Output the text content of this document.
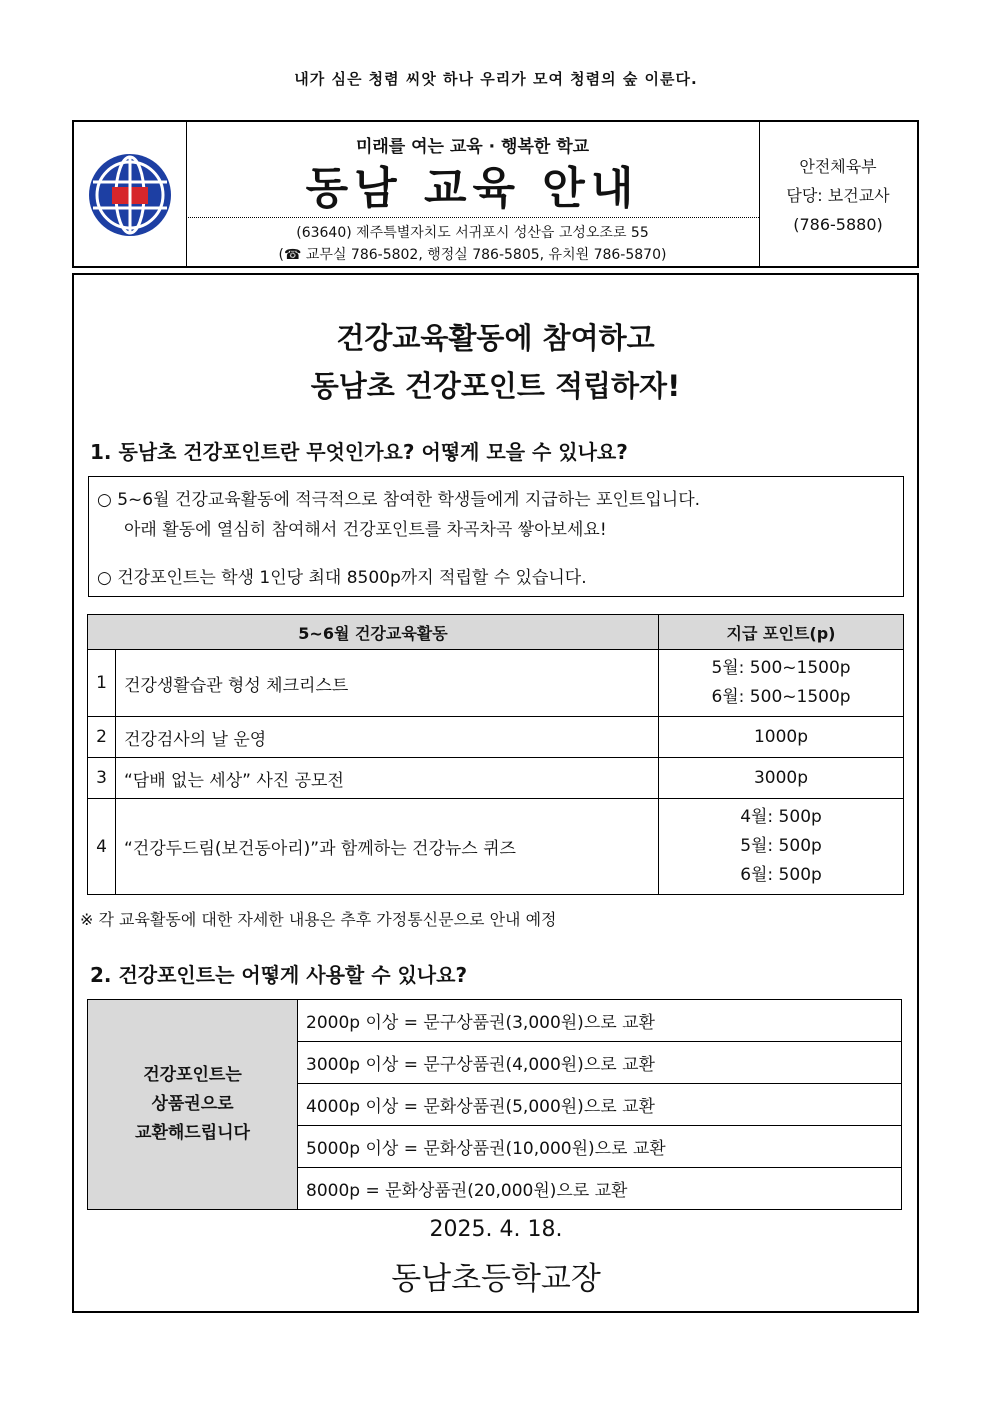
내가 심은 청렴 씨앗 하나 우리가 모여 청렴의 숲 이룬다.
미래를 여는 교육 · 행복한 학교
동남 교육 안내
(63640) 제주특별자치도 서귀포시 성산읍 고성오조로 55
(☎ 교무실 786-5802, 행정실 786-5805, 유치원 786-5870)
안전체육부
담당: 보건교사
(786-5880)
건강교육활동에 참여하고
동남초 건강포인트 적립하자!
1. 동남초 건강포인트란 무엇인가요? 어떻게 모을 수 있나요?
○ 5~6월 건강교육활동에 적극적으로 참여한 학생들에게 지급하는 포인트입니다.
아래 활동에 열심히 참여해서 건강포인트를 차곡차곡 쌓아보세요!
○ 건강포인트는 학생 1인당 최대 8500p까지 적립할 수 있습니다.
5~6월 건강교육활동		지급 포인트(p)
1	건강생활습관 형성 체크리스트	5월: 500~1500p
6월: 500~1500p

2	건강검사의 날 운영	1000p

3	“담배 없는 세상” 사진 공모전	3000p

4	“건강두드림(보건동아리)”과 함께하는 건강뉴스 퀴즈	4월: 500p
5월: 500p
6월: 500p
※ 각 교육활동에 대한 자세한 내용은 추후 가정통신문으로 안내 예정
2. 건강포인트는 어떻게 사용할 수 있나요?
건강포인트는
상품권으로
교환해드립니다
	2000p 이상 = 문구상품권(3,000원)으로 교환
3000p 이상 = 문구상품권(4,000원)으로 교환
4000p 이상 = 문화상품권(5,000원)으로 교환
5000p 이상 = 문화상품권(10,000원)으로 교환
8000p = 문화상품권(20,000원)으로 교환
2025. 4. 18.
동남초등학교장
